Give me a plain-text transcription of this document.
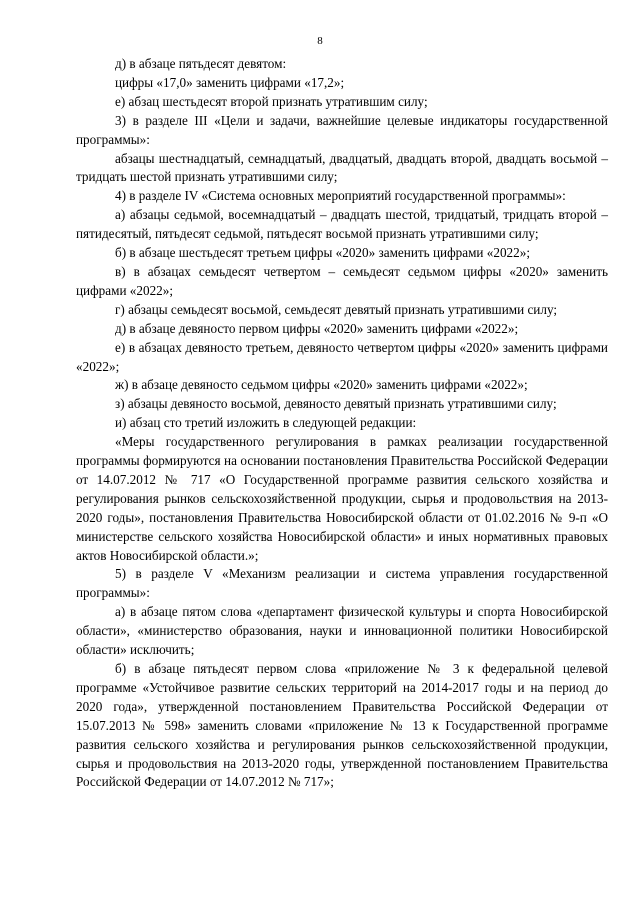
8

д) в абзаце пятьдесят девятом:

цифры «17,0» заменить цифрами «17,2»;

е) абзац шестьдесят второй признать утратившим силу;

3) в разделе III «Цели и задачи, важнейшие целевые индикаторы государственной программы»:

абзацы шестнадцатый, семнадцатый, двадцатый, двадцать второй, двадцать восьмой – тридцать шестой признать утратившими силу;

4) в разделе IV «Система основных мероприятий государственной программы»:

а) абзацы седьмой, восемнадцатый – двадцать шестой, тридцатый, тридцать второй – пятидесятый, пятьдесят седьмой, пятьдесят восьмой признать утратившими силу;

б) в абзаце шестьдесят третьем цифры «2020» заменить цифрами «2022»;

в) в абзацах семьдесят четвертом – семьдесят седьмом цифры «2020» заменить цифрами «2022»;

г) абзацы семьдесят восьмой, семьдесят девятый признать утратившими силу;

д) в абзаце девяносто первом цифры «2020» заменить цифрами «2022»;

е) в абзацах девяносто третьем, девяносто четвертом цифры «2020» заменить цифрами «2022»;

ж) в абзаце девяносто седьмом цифры «2020» заменить цифрами «2022»;

з) абзацы девяносто восьмой, девяносто девятый признать утратившими силу;

и) абзац сто третий изложить в следующей редакции:

«Меры государственного регулирования в рамках реализации государственной программы формируются на основании постановления Правительства Российской Федерации от 14.07.2012 № 717 «О Государственной программе развития сельского хозяйства и регулирования рынков сельскохозяйственной продукции, сырья и продовольствия на 2013-2020 годы», постановления Правительства Новосибирской области от 01.02.2016 № 9-п «О министерстве сельского хозяйства Новосибирской области» и иных нормативных правовых актов Новосибирской области.»;

5) в разделе V «Механизм реализации и система управления государственной программы»:

а) в абзаце пятом слова «департамент физической культуры и спорта Новосибирской области», «министерство образования, науки и инновационной политики Новосибирской области» исключить;

б) в абзаце пятьдесят первом слова «приложение № 3 к федеральной целевой программе «Устойчивое развитие сельских территорий на 2014-2017 годы и на период до 2020 года», утвержденной постановлением Правительства Российской Федерации от 15.07.2013 № 598» заменить словами «приложение № 13 к Государственной программе развития сельского хозяйства и регулирования рынков сельскохозяйственной продукции, сырья и продовольствия на 2013-2020 годы, утвержденной постановлением Правительства Российской Федерации от 14.07.2012 № 717»;
